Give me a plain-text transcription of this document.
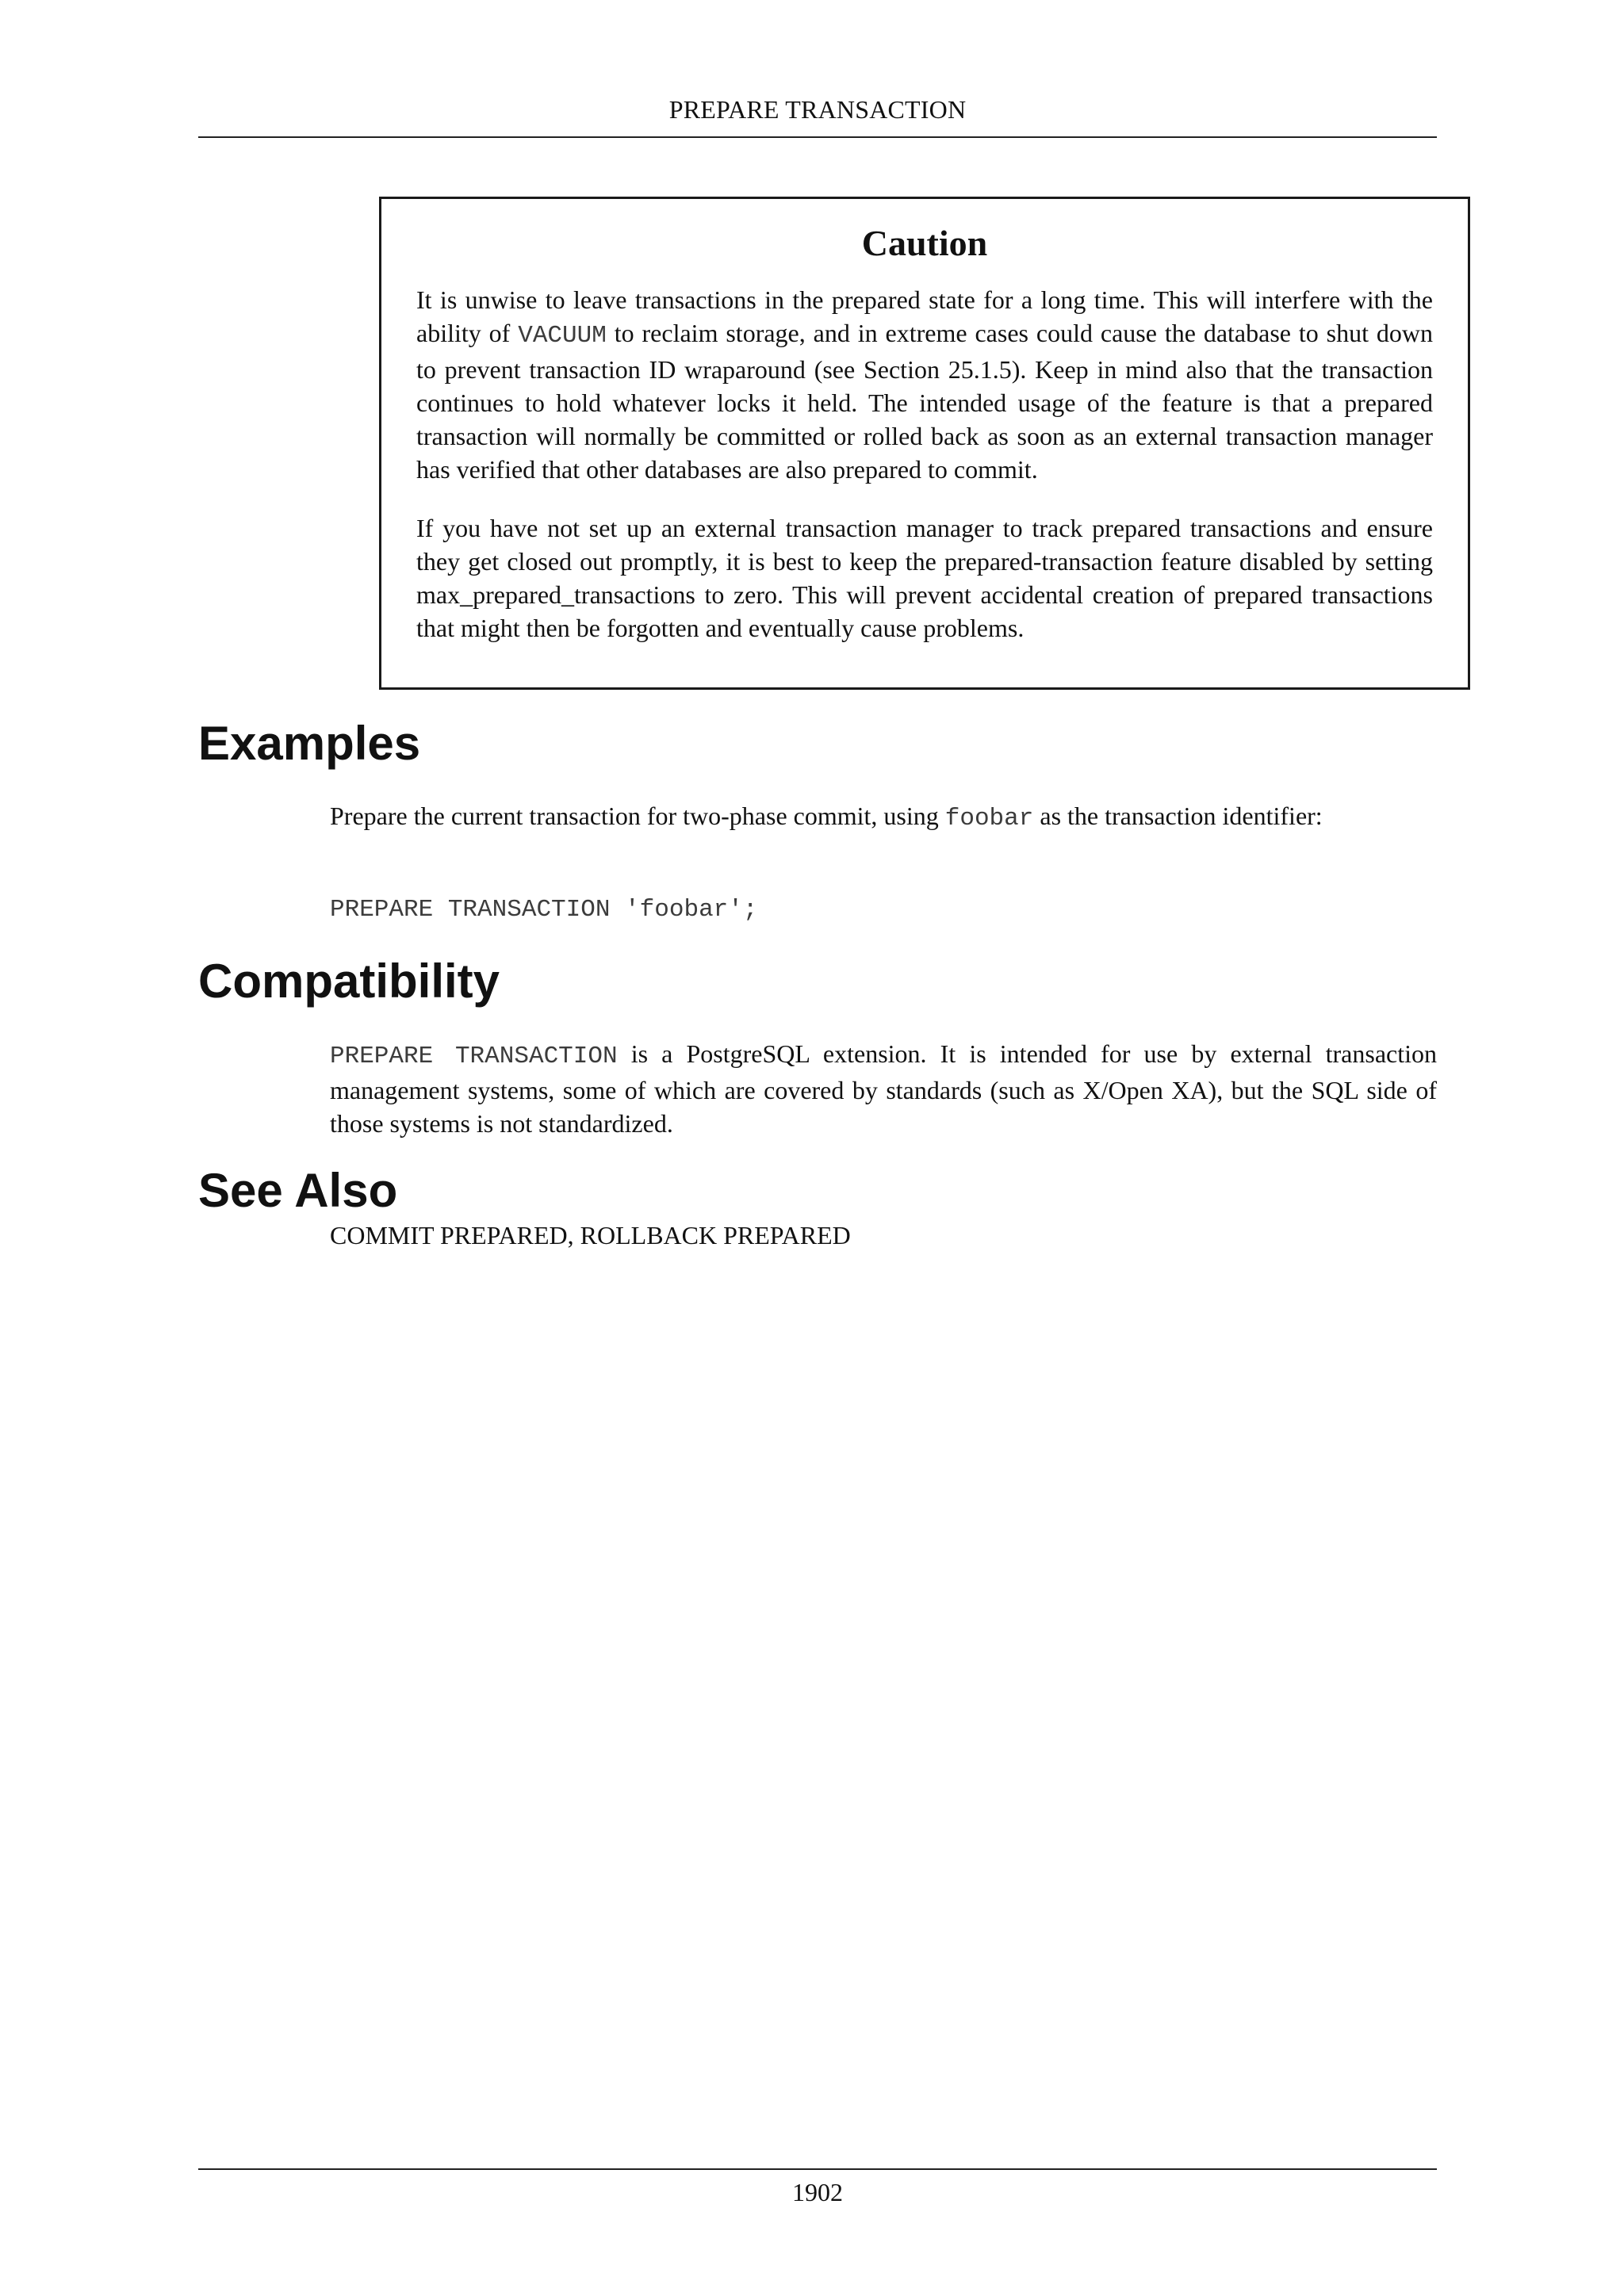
PREPARE TRANSACTION
Caution

It is unwise to leave transactions in the prepared state for a long time. This will interfere with the ability of VACUUM to reclaim storage, and in extreme cases could cause the database to shut down to prevent transaction ID wraparound (see Section 25.1.5). Keep in mind also that the transaction continues to hold whatever locks it held. The intended usage of the feature is that a prepared transaction will normally be committed or rolled back as soon as an external transaction manager has verified that other databases are also prepared to commit.

If you have not set up an external transaction manager to track prepared transactions and ensure they get closed out promptly, it is best to keep the prepared-transaction feature disabled by setting max_prepared_transactions to zero. This will prevent accidental creation of prepared transactions that might then be forgotten and eventually cause problems.

Examples

Prepare the current transaction for two-phase commit, using foobar as the transaction identifier:

PREPARE TRANSACTION 'foobar';
Compatibility

PREPARE TRANSACTION is a PostgreSQL extension. It is intended for use by external transaction management systems, some of which are covered by standards (such as X/Open XA), but the SQL side of those systems is not standardized.

See Also

COMMIT PREPARED, ROLLBACK PREPARED

1902
